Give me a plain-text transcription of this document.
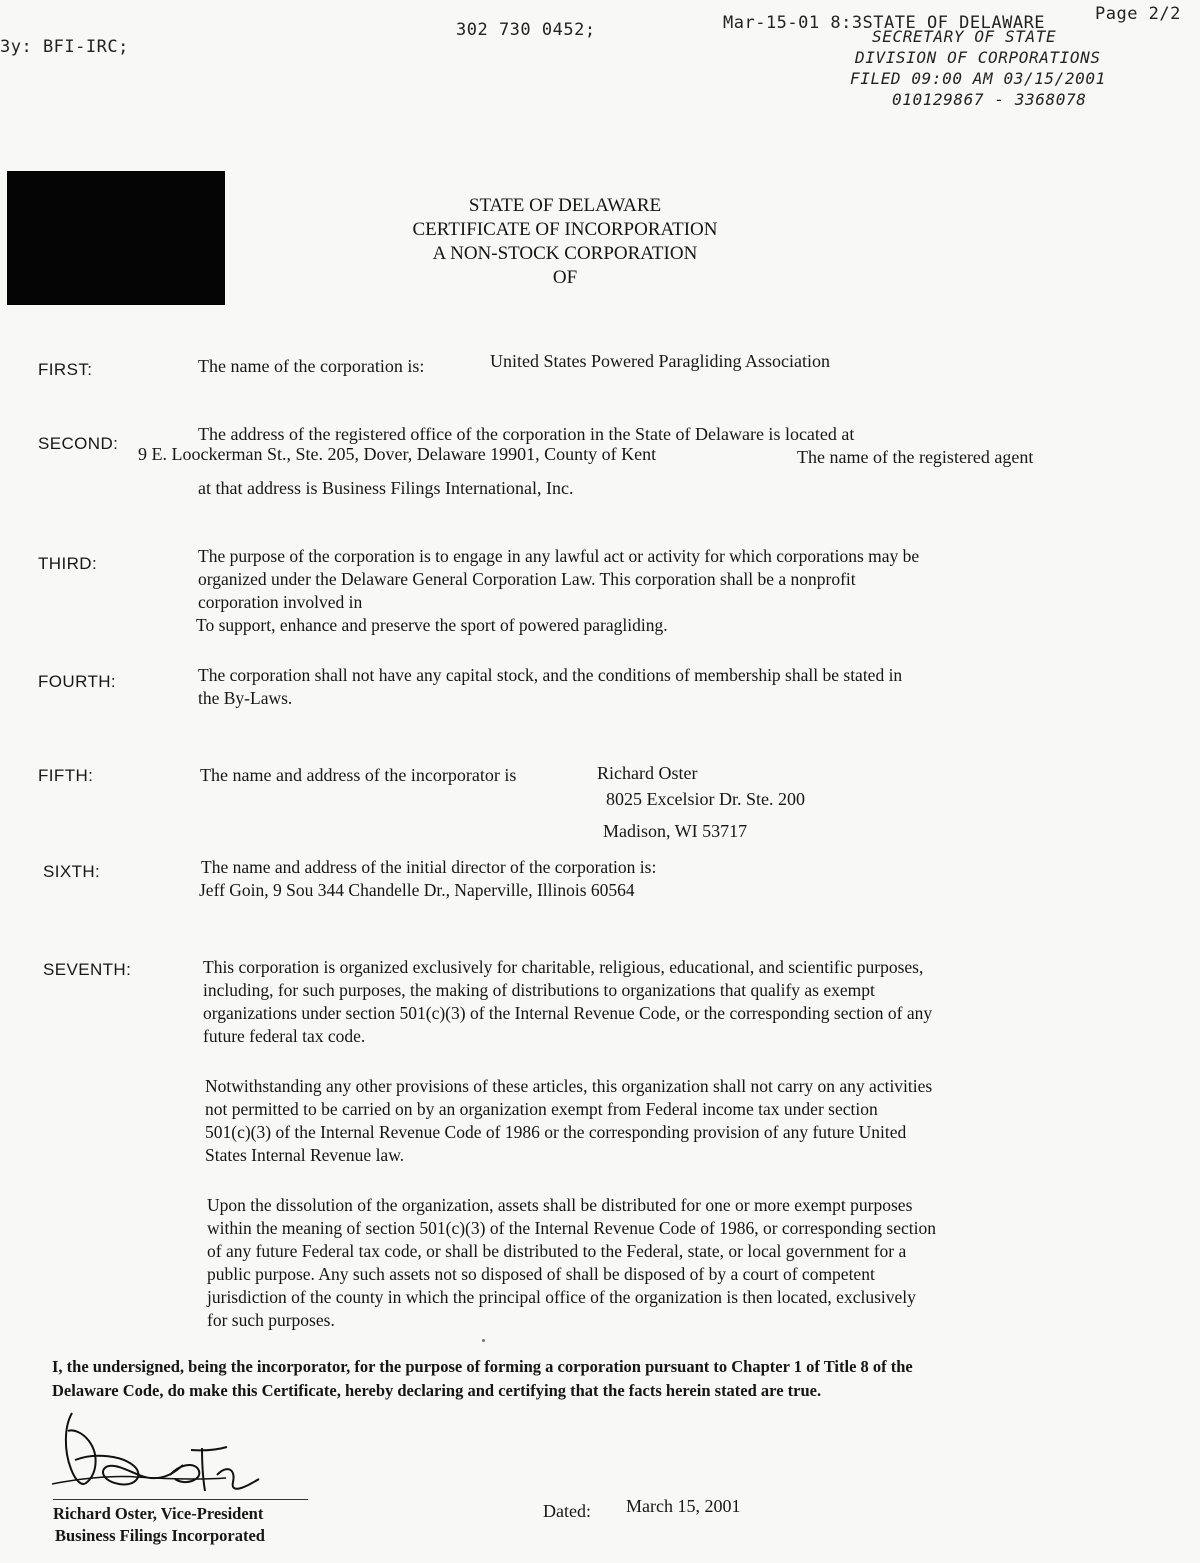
3y: BFI-IRC;
302 730 0452;	Mar-15-01 8:3STATE OF DELAWARE	Page 2/2
SECRETARY OF STATE
DIVISION OF CORPORATIONS
FILED 09:00 AM 03/15/2001
010129867 - 3368078
STATE OF DELAWARE
CERTIFICATE OF INCORPORATION
A NON-STOCK CORPORATION
OF
FIRST:	The name of the corporation is:	United States Powered Paragliding Association
SECOND:	The address of the registered office of the corporation in the State of Delaware is located at
9 E. Loockerman St., Ste. 205, Dover, Delaware 19901, County of Kent	The name of the registered agent
at that address is Business Filings International, Inc.
THIRD:	The purpose of the corporation is to engage in any lawful act or activity for which corporations may be
organized under the Delaware General Corporation Law. This corporation shall be a nonprofit
corporation involved in
To support, enhance and preserve the sport of powered paragliding.
FOURTH:	The corporation shall not have any capital stock, and the conditions of membership shall be stated in
the By-Laws.
FIFTH:	The name and address of the incorporator is	Richard Oster
8025 Excelsior Dr. Ste. 200
Madison, WI 53717
SIXTH:	The name and address of the initial director of the corporation is:
Jeff Goin, 9 Sou 344 Chandelle Dr., Naperville, Illinois 60564
SEVENTH:	This corporation is organized exclusively for charitable, religious, educational, and scientific purposes,
including, for such purposes, the making of distributions to organizations that qualify as exempt
organizations under section 501(c)(3) of the Internal Revenue Code, or the corresponding section of any
future federal tax code.
Notwithstanding any other provisions of these articles, this organization shall not carry on any activities
not permitted to be carried on by an organization exempt from Federal income tax under section
501(c)(3) of the Internal Revenue Code of 1986 or the corresponding provision of any future United
States Internal Revenue law.
Upon the dissolution of the organization, assets shall be distributed for one or more exempt purposes
within the meaning of section 501(c)(3) of the Internal Revenue Code of 1986, or corresponding section
of any future Federal tax code, or shall be distributed to the Federal, state, or local government for a
public purpose. Any such assets not so disposed of shall be disposed of by a court of competent
jurisdiction of the county in which the principal office of the organization is then located, exclusively
for such purposes.
I, the undersigned, being the incorporator, for the purpose of forming a corporation pursuant to Chapter 1 of Title 8 of the
Delaware Code, do make this Certificate, hereby declaring and certifying that the facts herein stated are true.
Richard Oster, Vice-President
Business Filings Incorporated
Dated: March 15, 2001
